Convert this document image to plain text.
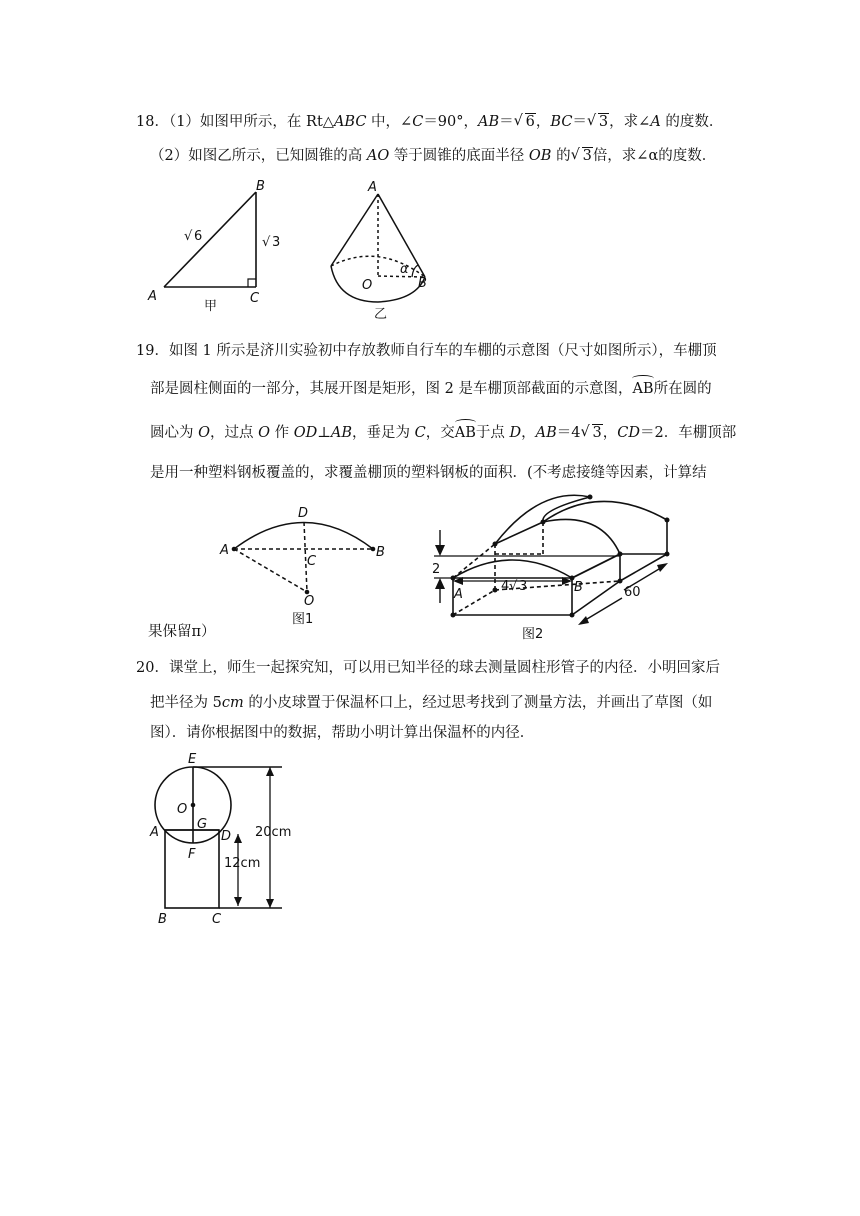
18．（1）如图甲所示，在 Rt△ABC 中，∠C＝90°，AB＝ √ 6，BC＝ √ 3，求∠A 的度数．
（2）如图乙所示，已知圆锥的高 AO 等于圆锥的底面半径 OB 的 √ 3倍，求∠α的度数．
B
A	C
√ 6	√ 3
甲
A
O	B
α
乙
19．如图 1 所示是济川实验初中存放教师自行车的车棚的示意图（尺寸如图所示），车棚顶
部是圆柱侧面的一部分，其展开图是矩形，图 2 是车棚顶部截面的示意图，AB所在圆的
圆心为 O，过点 O 作 OD⊥AB，垂足为 C，交AB于点 D，AB＝4 √ 3，CD＝2．车棚顶部
是用一种塑料钢板覆盖的，求覆盖棚顶的塑料钢板的面积．(不考虑接缝等因素，计算结
果保留π）
D
A
C
B
O
图1
2
A
4 √ 3	B	60
图2
20．课堂上，师生一起探究知，可以用已知半径的球去测量圆柱形管子的内径．小明回家后
把半径为 5cm 的小皮球置于保温杯口上，经过思考找到了测量方法，并画出了草图（如
图）．请你根据图中的数据，帮助小明计算出保温杯的内径．
E
O
A
G
D
F
B	C
20cm
12cm
